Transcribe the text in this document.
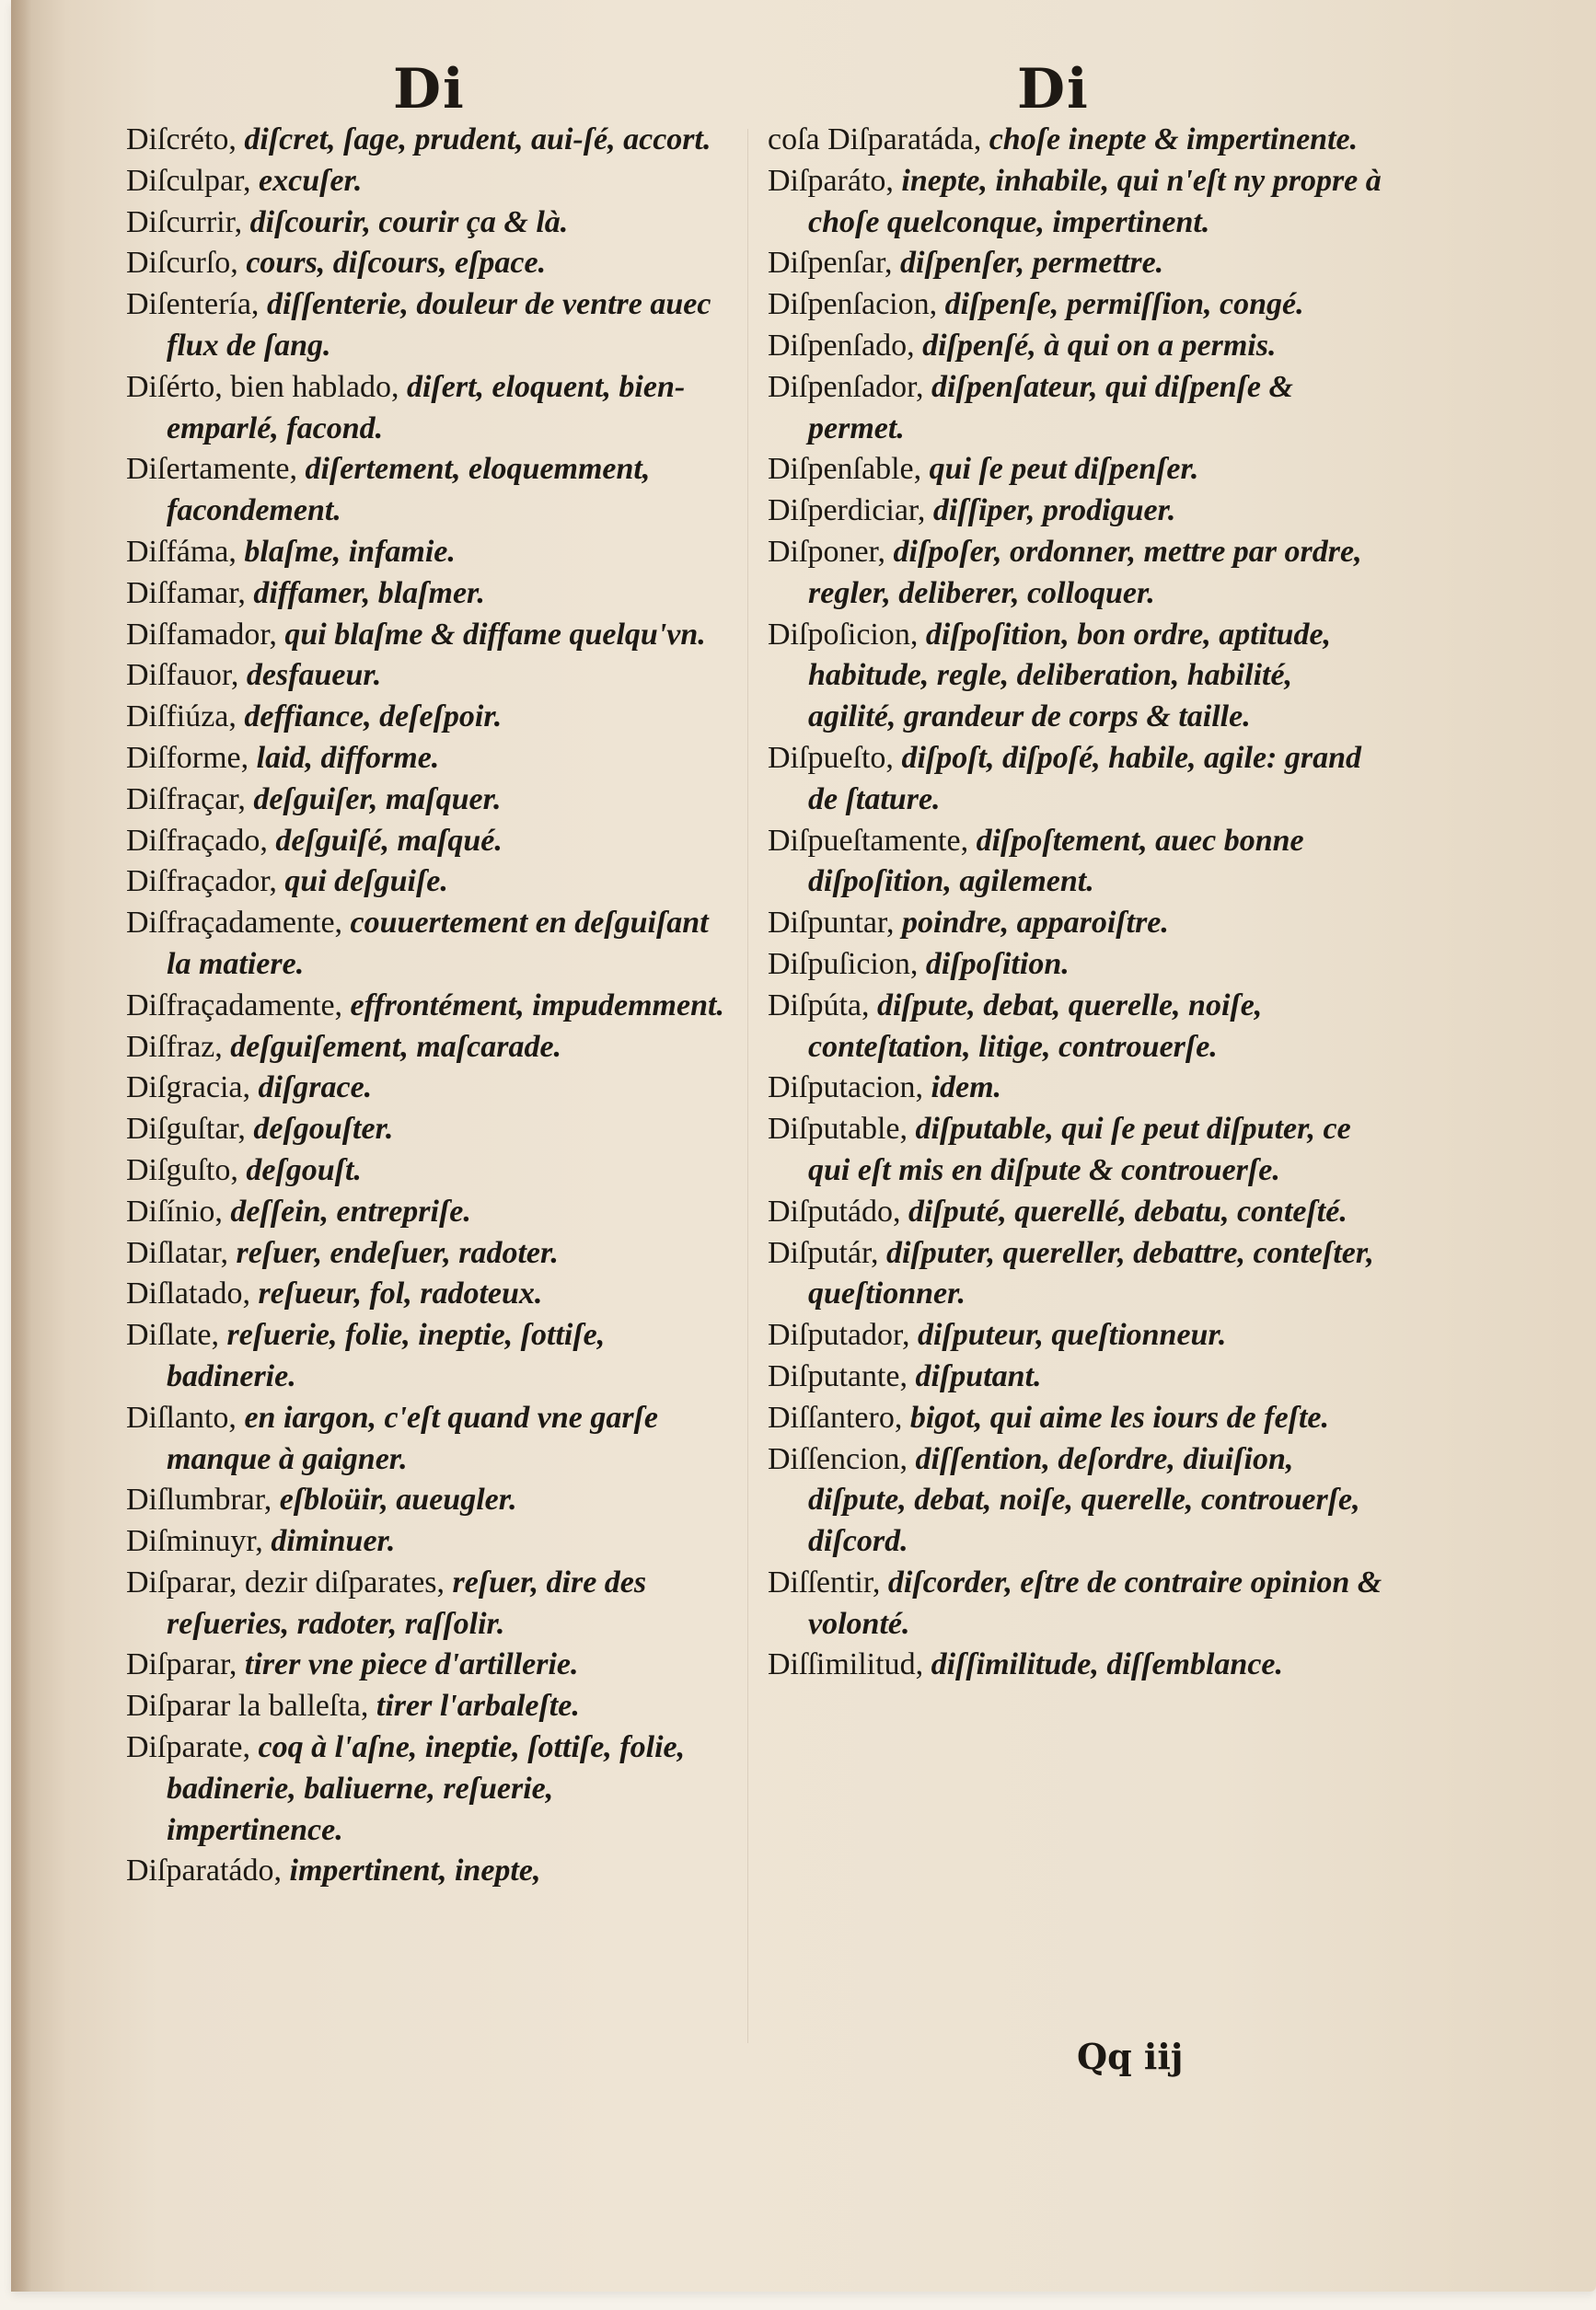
Di	Di
Diſcréto, diſcret, ſage, prudent, aui-ſé, accort.
Diſculpar, excuſer.
Diſcurrir, diſcourir, courir ça & là.
Diſcurſo, cours, diſcours, eſpace.
Diſentería, diſſenterie, douleur de ventre auec flux de ſang.
Diſérto, bien hablado, diſert, eloquent, bien-emparlé, facond.
Diſertamente, diſertement, eloquemment, facondement.
Diſfáma, blaſme, infamie.
Diſfamar, diffamer, blaſmer.
Diſfamador, qui blaſme & diffame quelqu'vn.
Diſfauor, desfaueur.
Diſfiúza, deffiance, deſeſpoir.
Diſforme, laid, difforme.
Diſfraçar, deſguiſer, maſquer.
Diſfraçado, deſguiſé, maſqué.
Diſfraçador, qui deſguiſe.
Diſfraçadamente, couuertement en deſguiſant la matiere.
Diſfraçadamente, effrontément, impudemment.
Diſfraz, deſguiſement, maſcarade.
Diſgracia, diſgrace.
Diſguſtar, deſgouſter.
Diſguſto, deſgouſt.
Diſínio, deſſein, entrepriſe.
Diſlatar, reſuer, endeſuer, radoter.
Diſlatado, reſueur, fol, radoteux.
Diſlate, reſuerie, folie, ineptie, ſottiſe, badinerie.
Diſlanto, en iargon, c'eſt quand vne garſe manque à gaigner.
Diſlumbrar, eſbloüir, aueugler.
Diſminuyr, diminuer.
Diſparar, dezir diſparates, reſuer, dire des reſueries, radoter, raſſolir.
Diſparar, tirer vne piece d'artillerie.
Diſparar la balleſta, tirer l'arbaleſte.
Diſparate, coq à l'aſne, ineptie, ſottiſe, folie, badinerie, baliuerne, reſuerie, impertinence.
Diſparatádo, impertinent, inepte,
coſa Diſparatáda, choſe inepte & impertinente.
Diſparáto, inepte, inhabile, qui n'eſt ny propre à choſe quelconque, impertinent.
Diſpenſar, diſpenſer, permettre.
Diſpenſacion, diſpenſe, permiſſion, congé.
Diſpenſado, diſpenſé, à qui on a permis.
Diſpenſador, diſpenſateur, qui diſpenſe & permet.
Diſpenſable, qui ſe peut diſpenſer.
Diſperdiciar, diſſiper, prodiguer.
Diſponer, diſpoſer, ordonner, mettre par ordre, regler, deliberer, colloquer.
Diſpoſicion, diſpoſition, bon ordre, aptitude, habitude, regle, deliberation, habilité, agilité, grandeur de corps & taille.
Diſpueſto, diſpoſt, diſpoſé, habile, agile: grand de ſtature.
Diſpueſtamente, diſpoſtement, auec bonne diſpoſition, agilement.
Diſpuntar, poindre, apparoiſtre.
Diſpuſicion, diſpoſition.
Diſpúta, diſpute, debat, querelle, noiſe, conteſtation, litige, controuerſe.
Diſputacion, idem.
Diſputable, diſputable, qui ſe peut diſputer, ce qui eſt mis en diſpute & controuerſe.
Diſputádo, diſputé, querellé, debatu, conteſté.
Diſputár, diſputer, quereller, debattre, conteſter, queſtionner.
Diſputador, diſputeur, queſtionneur.
Diſputante, diſputant.
Diſſantero, bigot, qui aime les iours de feſte.
Diſſencion, diſſention, deſordre, diuiſion, diſpute, debat, noiſe, querelle, controuerſe, diſcord.
Diſſentir, diſcorder, eſtre de contraire opinion & volonté.
Diſſimilitud, diſſimilitude, diſſemblance.
Qq iij
